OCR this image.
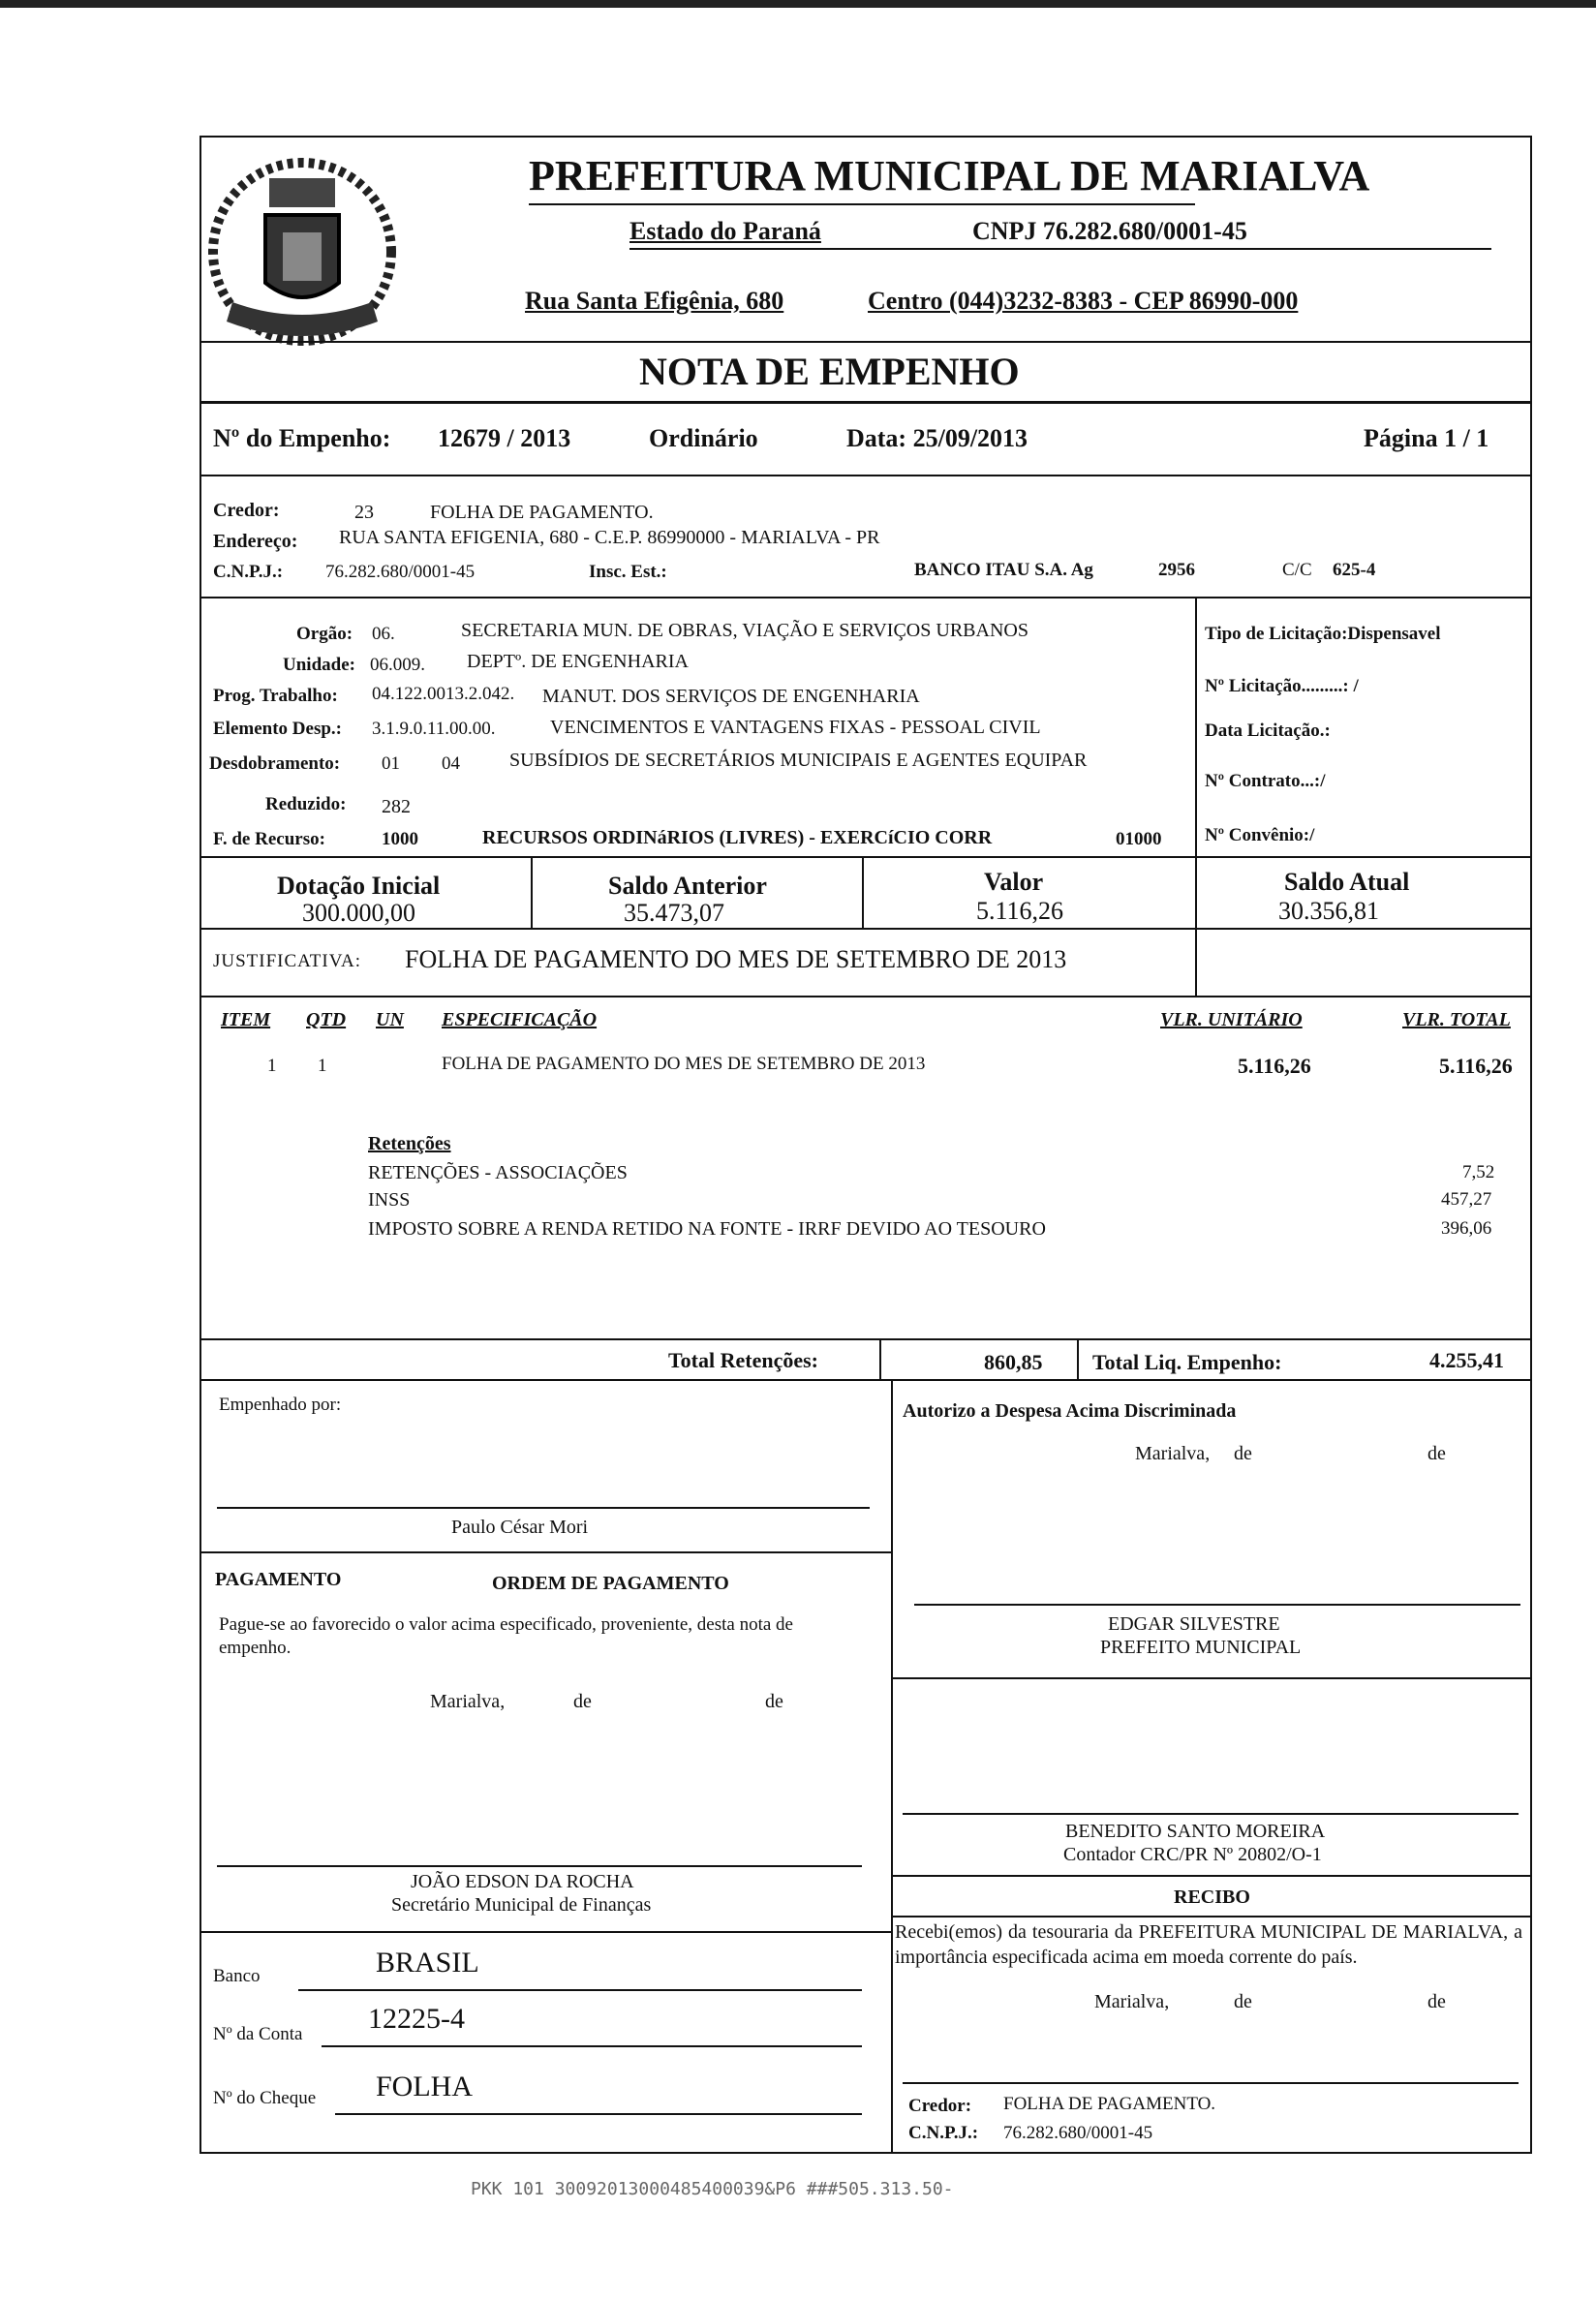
PREFEITURA MUNICIPAL DE MARIALVA
Estado do Paraná	CNPJ 76.282.680/0001-45
Rua Santa Efigênia, 680	Centro (044)3232-8383 - CEP 86990-000
NOTA DE EMPENHO
Nº do Empenho: 12679 / 2013	Ordinário	Data: 25/09/2013	Página 1 / 1
Credor:	23	FOLHA DE PAGAMENTO.
Endereço: RUA SANTA EFIGENIA, 680 - C.E.P. 86990000 - MARIALVA - PR
C.N.P.J.: 76.282.680/0001-45	Insc. Est.:	BANCO ITAU S.A. Ag	2956	C/C 625-4
Orgão: 06.	SECRETARIA MUN. DE OBRAS, VIAÇÃO E SERVIÇOS URBANOS
Unidade: 06.009. DEPTº. DE ENGENHARIA
Prog. Trabalho: 04.122.0013.2.042. MANUT. DOS SERVIÇOS DE ENGENHARIA
Elemento Desp.: 3.1.9.0.11.00.00.	VENCIMENTOS E VANTAGENS FIXAS - PESSOAL CIVIL
Desdobramento: 01 04	SUBSÍDIOS DE SECRETÁRIOS MUNICIPAIS E AGENTES EQUIPAR
Reduzido: 282
F. de Recurso:	1000	RECURSOS ORDINáRIOS (LIVRES) - EXERCíCIO CORR	01000
Tipo de Licitação:Dispensavel
Nº Licitação.........: /
Data Licitação.:
Nº Contrato...:/
Nº Convênio:/
Dotação Inicial
300.000,00
Saldo Anterior
35.473,07
Valor
5.116,26
Saldo Atual
30.356,81
JUSTIFICATIVA: FOLHA DE PAGAMENTO DO MES DE SETEMBRO DE 2013
ITEM QTD UN ESPECIFICAÇÃO	VLR. UNITÁRIO	VLR. TOTAL
1 1	FOLHA DE PAGAMENTO DO MES DE SETEMBRO DE 2013	5.116,26	5.116,26
Retenções
RETENÇÕES - ASSOCIAÇÕES	7,52
INSS	457,27
IMPOSTO SOBRE A RENDA RETIDO NA FONTE - IRRF DEVIDO AO TESOURO	396,06
Total Retenções:	860,85 Total Liq. Empenho:	4.255,41
Empenhado por:
Paulo César Mori
Autorizo a Despesa Acima Discriminada
Marialva, de	de
PAGAMENTO	ORDEM DE PAGAMENTO
Pague-se ao favorecido o valor acima especificado, proveniente, desta nota de empenho.
Marialva,	de	de
EDGAR SILVESTRE
PREFEITO MUNICIPAL
BENEDITO SANTO MOREIRA
Contador CRC/PR Nº 20802/O-1
JOÃO EDSON DA ROCHA
Secretário Municipal de Finanças	RECIBO
Recebi(emos) da tesouraria da PREFEITURA MUNICIPAL DE MARIALVA, a importância especificada acima em moeda corrente do país.
Marialva,	de	de
Banco	BRASIL
Nº da Conta 12225-4
Nº do Cheque FOLHA
Credor: FOLHA DE PAGAMENTO.
C.N.P.J.: 76.282.680/0001-45
PKK 101 30092013000485400039&P6 ###505.313.50-
